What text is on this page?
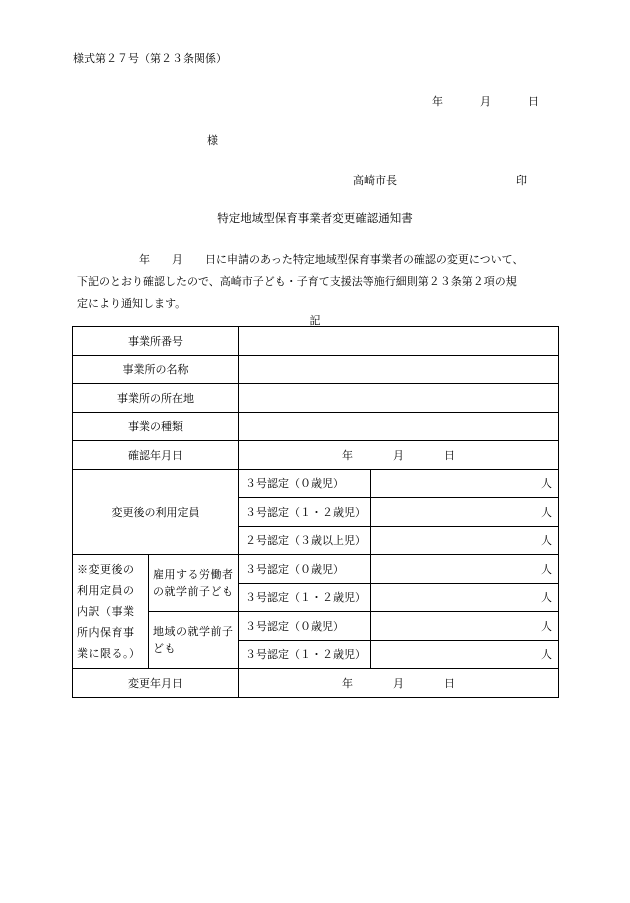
様式第２７号（第２３条関係）
年	月	日
様
高崎市長	印
特定地域型保育事業者変更確認通知書
年　　月　　日に申請のあった特定地域型保育事業者の確認の変更について、
下記のとおり確認したので、高崎市子ども・子育て支援法等施行細則第２３条第２項の規
定により通知します。
記
事業所番号			
事業所の名称			
事業所の所在地			
事業の種類			
確認年月日		年 月 日	
変更後の利用定員		３号認定（０歳児）	人
		３号認定（１・２歳児）	人
		２号認定（３歳以上児）	人
※変更後の利用定員の内訳（事業所内保育事業に限る。）	雇用する労働者の就学前子ども	３号認定（０歳児）	人
		３号認定（１・２歳児）	人
	地域の就学前子ども	３号認定（０歳児）	人
		３号認定（１・２歳児）	人
変更年月日		年 月 日	
